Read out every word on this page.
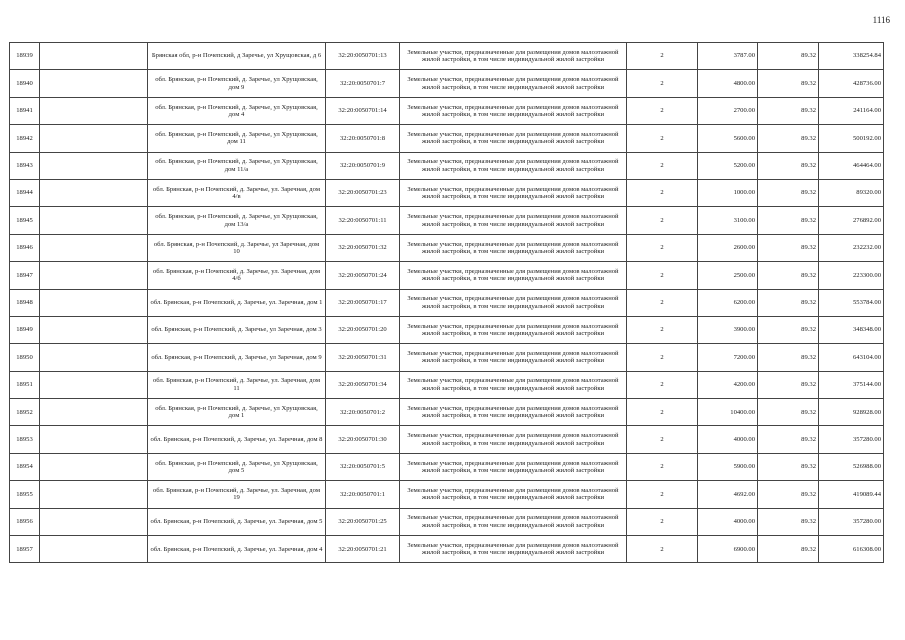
1116
18939		Брянская обл, р-н Почепский, д Заречье, ул Хрущовская, д 6	32:20:0050701:13	Земельные участки, предназначенные для размещения домов малоэтажной жилой застройки, в том числе индивидуальной жилой застройки	2	3787.00	89.32	338254.84
18940		обл. Брянская, р-н Почепский, д. Заречье, ул Хрущовская, дом 9	32:20:0050701:7	Земельные участки, предназначенные для размещения домов малоэтажной жилой застройки, в том числе индивидуальной жилой застройки	2	4800.00	89.32	428736.00
18941		обл. Брянская, р-н Почепский, д. Заречье, ул Хрущовская, дом 4	32:20:0050701:14	Земельные участки, предназначенные для размещения домов малоэтажной жилой застройки, в том числе индивидуальной жилой застройки	2	2700.00	89.32	241164.00
18942		обл. Брянская, р-н Почепский, д. Заречье, ул Хрущовская, дом 11	32:20:0050701:8	Земельные участки, предназначенные для размещения домов малоэтажной жилой застройки, в том числе индивидуальной жилой застройки	2	5600.00	89.32	500192.00
18943		обл. Брянская, р-н Почепский, д. Заречье, ул Хрущовская, дом 11/а	32:20:0050701:9	Земельные участки, предназначенные для размещения домов малоэтажной жилой застройки, в том числе индивидуальной жилой застройки	2	5200.00	89.32	464464.00
18944		обл. Брянская, р-н Почепский, д. Заречье, ул. Заречная, дом 4/в	32:20:0050701:23	Земельные участки, предназначенные для размещения домов малоэтажной жилой застройки, в том числе индивидуальной жилой застройки	2	1000.00	89.32	89320.00
18945		обл. Брянская, р-н Почепский, д. Заречье, ул Хрущовская, дом 13/а	32:20:0050701:11	Земельные участки, предназначенные для размещения домов малоэтажной жилой застройки, в том числе индивидуальной жилой застройки	2	3100.00	89.32	276892.00
18946		обл. Брянская, р-н Почепский, д. Заречье, ул Заречная, дом 10	32:20:0050701:32	Земельные участки, предназначенные для размещения домов малоэтажной жилой застройки, в том числе индивидуальной жилой застройки	2	2600.00	89.32	232232.00
18947		обл. Брянская, р-н Почепский, д. Заречье, ул. Заречная, дом 4/б	32:20:0050701:24	Земельные участки, предназначенные для размещения домов малоэтажной жилой застройки, в том числе индивидуальной жилой застройки	2	2500.00	89.32	223300.00
18948		обл. Брянская, р-н Почепский, д. Заречье, ул. Заречная, дом 1	32:20:0050701:17	Земельные участки, предназначенные для размещения домов малоэтажной жилой застройки, в том числе индивидуальной жилой застройки	2	6200.00	89.32	553784.00
18949		обл. Брянская, р-н Почепский, д. Заречье, ул Заречная, дом 3	32:20:0050701:20	Земельные участки, предназначенные для размещения домов малоэтажной жилой застройки, в том числе индивидуальной жилой застройки	2	3900.00	89.32	348348.00
18950		обл. Брянская, р-н Почепский, д. Заречье, ул Заречная, дом 9	32:20:0050701:31	Земельные участки, предназначенные для размещения домов малоэтажной жилой застройки, в том числе индивидуальной жилой застройки	2	7200.00	89.32	643104.00
18951		обл. Брянская, р-н Почепский, д. Заречье, ул. Заречная, дом 11	32:20:0050701:34	Земельные участки, предназначенные для размещения домов малоэтажной жилой застройки, в том числе индивидуальной жилой застройки	2	4200.00	89.32	375144.00
18952		обл. Брянская, р-н Почепский, д. Заречье, ул Хрущовская, дом 1	32:20:0050701:2	Земельные участки, предназначенные для размещения домов малоэтажной жилой застройки, в том числе индивидуальной жилой застройки	2	10400.00	89.32	928928.00
18953		обл. Брянская, р-н Почепский, д. Заречье, ул. Заречная, дом 8	32:20:0050701:30	Земельные участки, предназначенные для размещения домов малоэтажной жилой застройки, в том числе индивидуальной жилой застройки	2	4000.00	89.32	357280.00
18954		обл. Брянская, р-н Почепский, д. Заречье, ул Хрущовская, дом 5	32:20:0050701:5	Земельные участки, предназначенные для размещения домов малоэтажной жилой застройки, в том числе индивидуальной жилой застройки	2	5900.00	89.32	526988.00
18955		обл. Брянская, р-н Почепский, д. Заречье, ул. Заречная, дом 19	32:20:0050701:1	Земельные участки, предназначенные для размещения домов малоэтажной жилой застройки, в том числе индивидуальной жилой застройки	2	4692.00	89.32	419089.44
18956		обл. Брянская, р-н Почепский, д. Заречье, ул. Заречная, дом 5	32:20:0050701:25	Земельные участки, предназначенные для размещения домов малоэтажной жилой застройки, в том числе индивидуальной жилой застройки	2	4000.00	89.32	357280.00
18957		обл. Брянская, р-н Почепский, д. Заречье, ул. Заречная, дом 4	32:20:0050701:21	Земельные участки, предназначенные для размещения домов малоэтажной жилой застройки, в том числе индивидуальной жилой застройки	2	6900.00	89.32	616308.00
